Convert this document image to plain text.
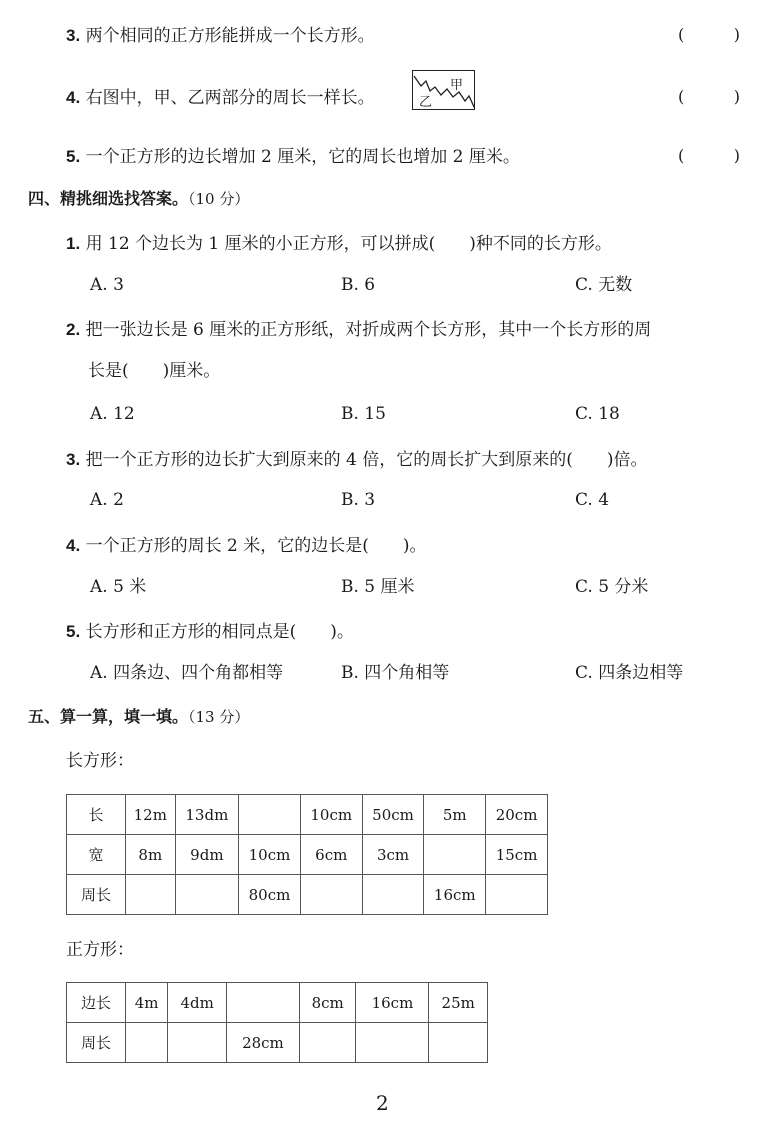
3. 两个相同的正方形能拼成一个长方形。	(	)
4. 右图中，甲、乙两部分的周长一样长。
甲
乙	(	)
5. 一个正方形的边长增加 2 厘米，它的周长也增加 2 厘米。	(	)
四、精挑细选找答案。（10 分）
1. 用 12 个边长为 1 厘米的小正方形，可以拼成(　　)种不同的长方形。
A. 3	B. 6	C. 无数
2. 把一张边长是 6 厘米的正方形纸，对折成两个长方形，其中一个长方形的周
长是(　　)厘米。
A. 12	B. 15	C. 18
3. 把一个正方形的边长扩大到原来的 4 倍，它的周长扩大到原来的(　　)倍。
A. 2	B. 3	C. 4
4. 一个正方形的周长 2 米，它的边长是(　　)。
A. 5 米	B. 5 厘米	C. 5 分米
5. 长方形和正方形的相同点是(　　)。
A. 四条边、四个角都相等	B. 四个角相等	C. 四条边相等
五、算一算，填一填。（13 分）
长方形：
长	12m	13dm		10cm	50cm	5m	20cm
宽	8m	9dm	10cm	6cm	3cm		15cm
周长			80cm			16cm	
正方形：
边长	4m	4dm		8cm	16cm	25m
周长			28cm			
2
